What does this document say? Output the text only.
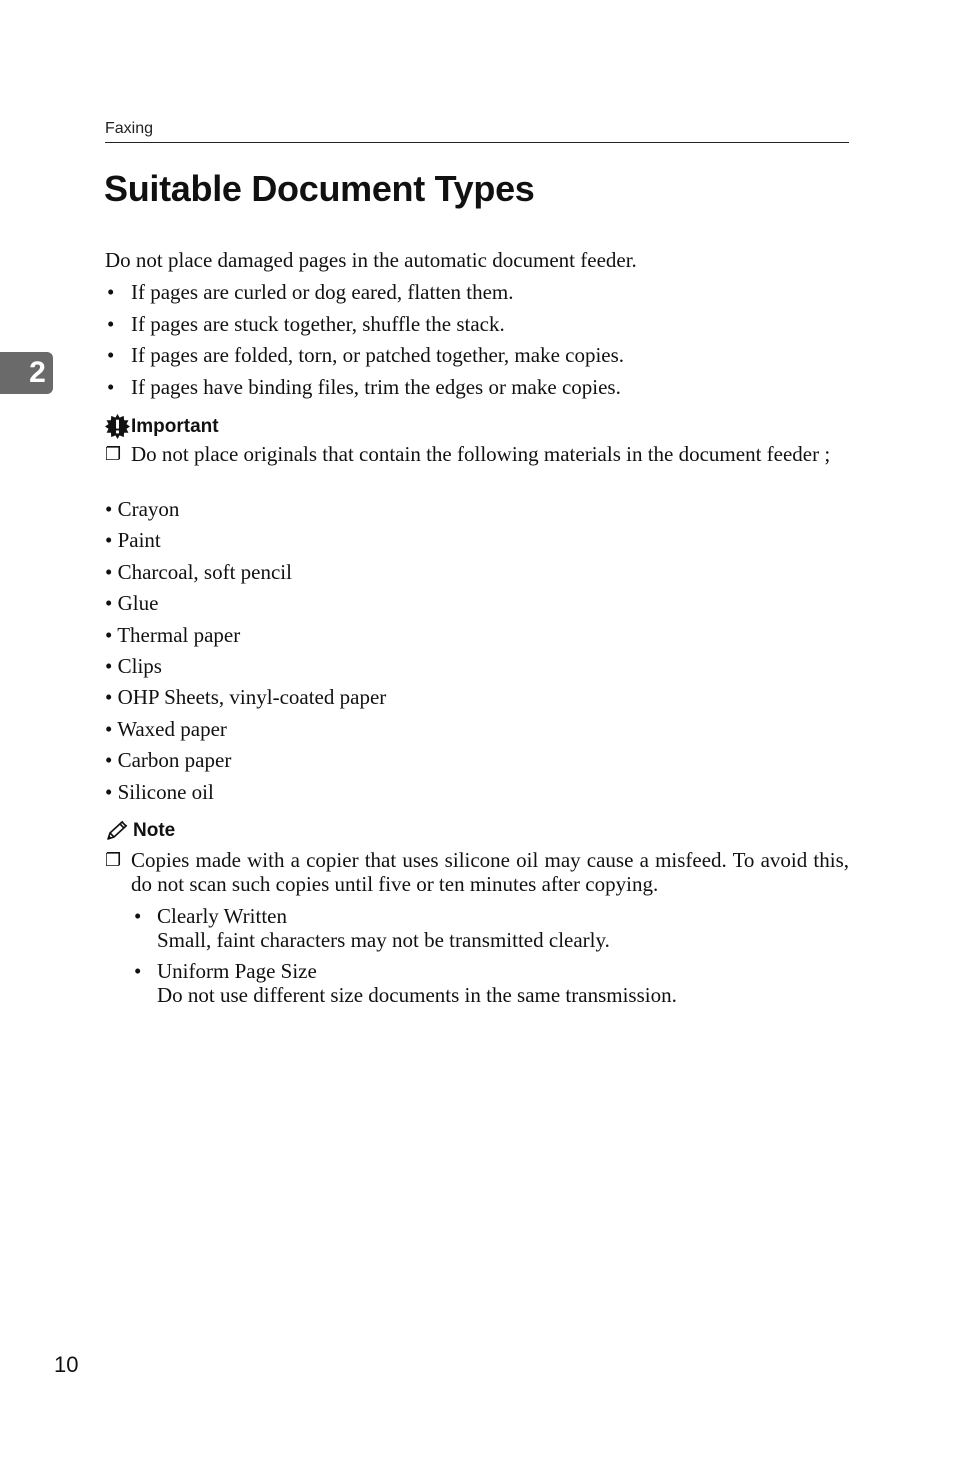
Faxing
2
Suitable Document Types
Do not place damaged pages in the automatic document feeder.
• If pages are curled or dog eared, flatten them.
• If pages are stuck together, shuffle the stack.
• If pages are folded, torn, or patched together, make copies.
• If pages have binding files, trim the edges or make copies.
Important
❐ Do not place originals that contain the following materials in the document feeder ;
• Crayon
• Paint
• Charcoal, soft pencil
• Glue
• Thermal paper
• Clips
• OHP Sheets, vinyl-coated paper
• Waxed paper
• Carbon paper
• Silicone oil
Note
❐ Copies made with a copier that uses silicone oil may cause a misfeed. To avoid this, do not scan such copies until five or ten minutes after copying.
• Clearly Written
Small, faint characters may not be transmitted clearly.
• Uniform Page Size
Do not use different size documents in the same transmission.
10
